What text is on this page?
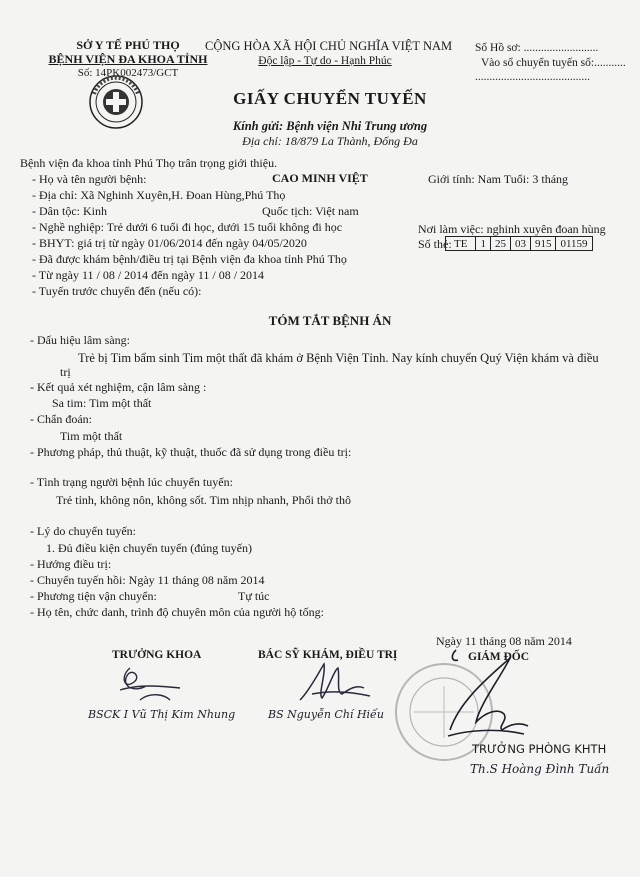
SỞ Y TẾ PHÚ THỌ
BỆNH VIỆN ĐA KHOA TỈNH
Số: 14PK002473/GCT
CỘNG HÒA XÃ HỘI CHỦ NGHĨA VIỆT NAM
Độc lập - Tự do - Hạnh Phúc
Số Hồ sơ: ..........................
Vào sổ chuyển tuyến số:...........
........................................
GIẤY CHUYỂN TUYẾN
Kính gửi: Bệnh viện Nhi Trung ương
Địa chỉ: 18/879 La Thành, Đống Đa
Bệnh viện đa khoa tỉnh Phú Thọ trân trọng giới thiệu.
- Họ và tên người bệnh:	CAO MINH VIỆT	Giới tính: Nam Tuổi: 3 tháng
- Địa chỉ: Xã Nghinh Xuyên,H. Đoan Hùng,Phú Thọ
- Dân tộc: Kinh	Quốc tịch: Việt nam
- Nghề nghiệp: Trẻ dưới 6 tuổi đi học, dưới 15 tuổi không đi học	Nơi làm việc: nghinh xuyên đoan hùng
- BHYT: giá trị từ ngày 01/06/2014 đến ngày 04/05/2020	Số thẻ: TE	1 25 03 915 01159
- Đã được khám bệnh/điều trị tại Bệnh viện đa khoa tỉnh Phú Thọ
- Từ ngày 11 / 08 / 2014 đến ngày 11 / 08 / 2014
- Tuyến trước chuyển đến (nếu có):
TÓM TẮT BỆNH ÁN
- Dấu hiệu lâm sàng:
Trẻ bị Tim bẩm sinh Tim một thất đã khám ở Bệnh Viện Tỉnh. Nay kính chuyển Quý Viện khám và điều
trị
- Kết quả xét nghiệm, cận lâm sàng :
Sa tim: Tim một thất
- Chẩn đoán:
Tim một thất
- Phương pháp, thủ thuật, kỹ thuật, thuốc đã sử dụng trong điều trị:
- Tình trạng người bệnh lúc chuyển tuyến:
Trẻ tỉnh, không nôn, không sốt. Tim nhịp nhanh, Phổi thở thô
- Lý do chuyển tuyến:
1. Đủ điều kiện chuyển tuyến (đúng tuyến)
- Hướng điều trị:
- Chuyển tuyến hồi: Ngày 11 tháng 08 năm 2014
- Phương tiện vận chuyển:	Tự túc
- Họ tên, chức danh, trình độ chuyên môn của người hộ tống:
Ngày 11 tháng 08 năm 2014
TRƯỞNG KHOA	BÁC SỸ KHÁM, ĐIỀU TRỊ	GIÁM ĐỐC
BSCK I Vũ Thị Kim Nhung	BS Nguyễn Chí Hiếu
TRƯỞNG PHÒNG KHTH
Th.S Hoàng Đình Tuấn
